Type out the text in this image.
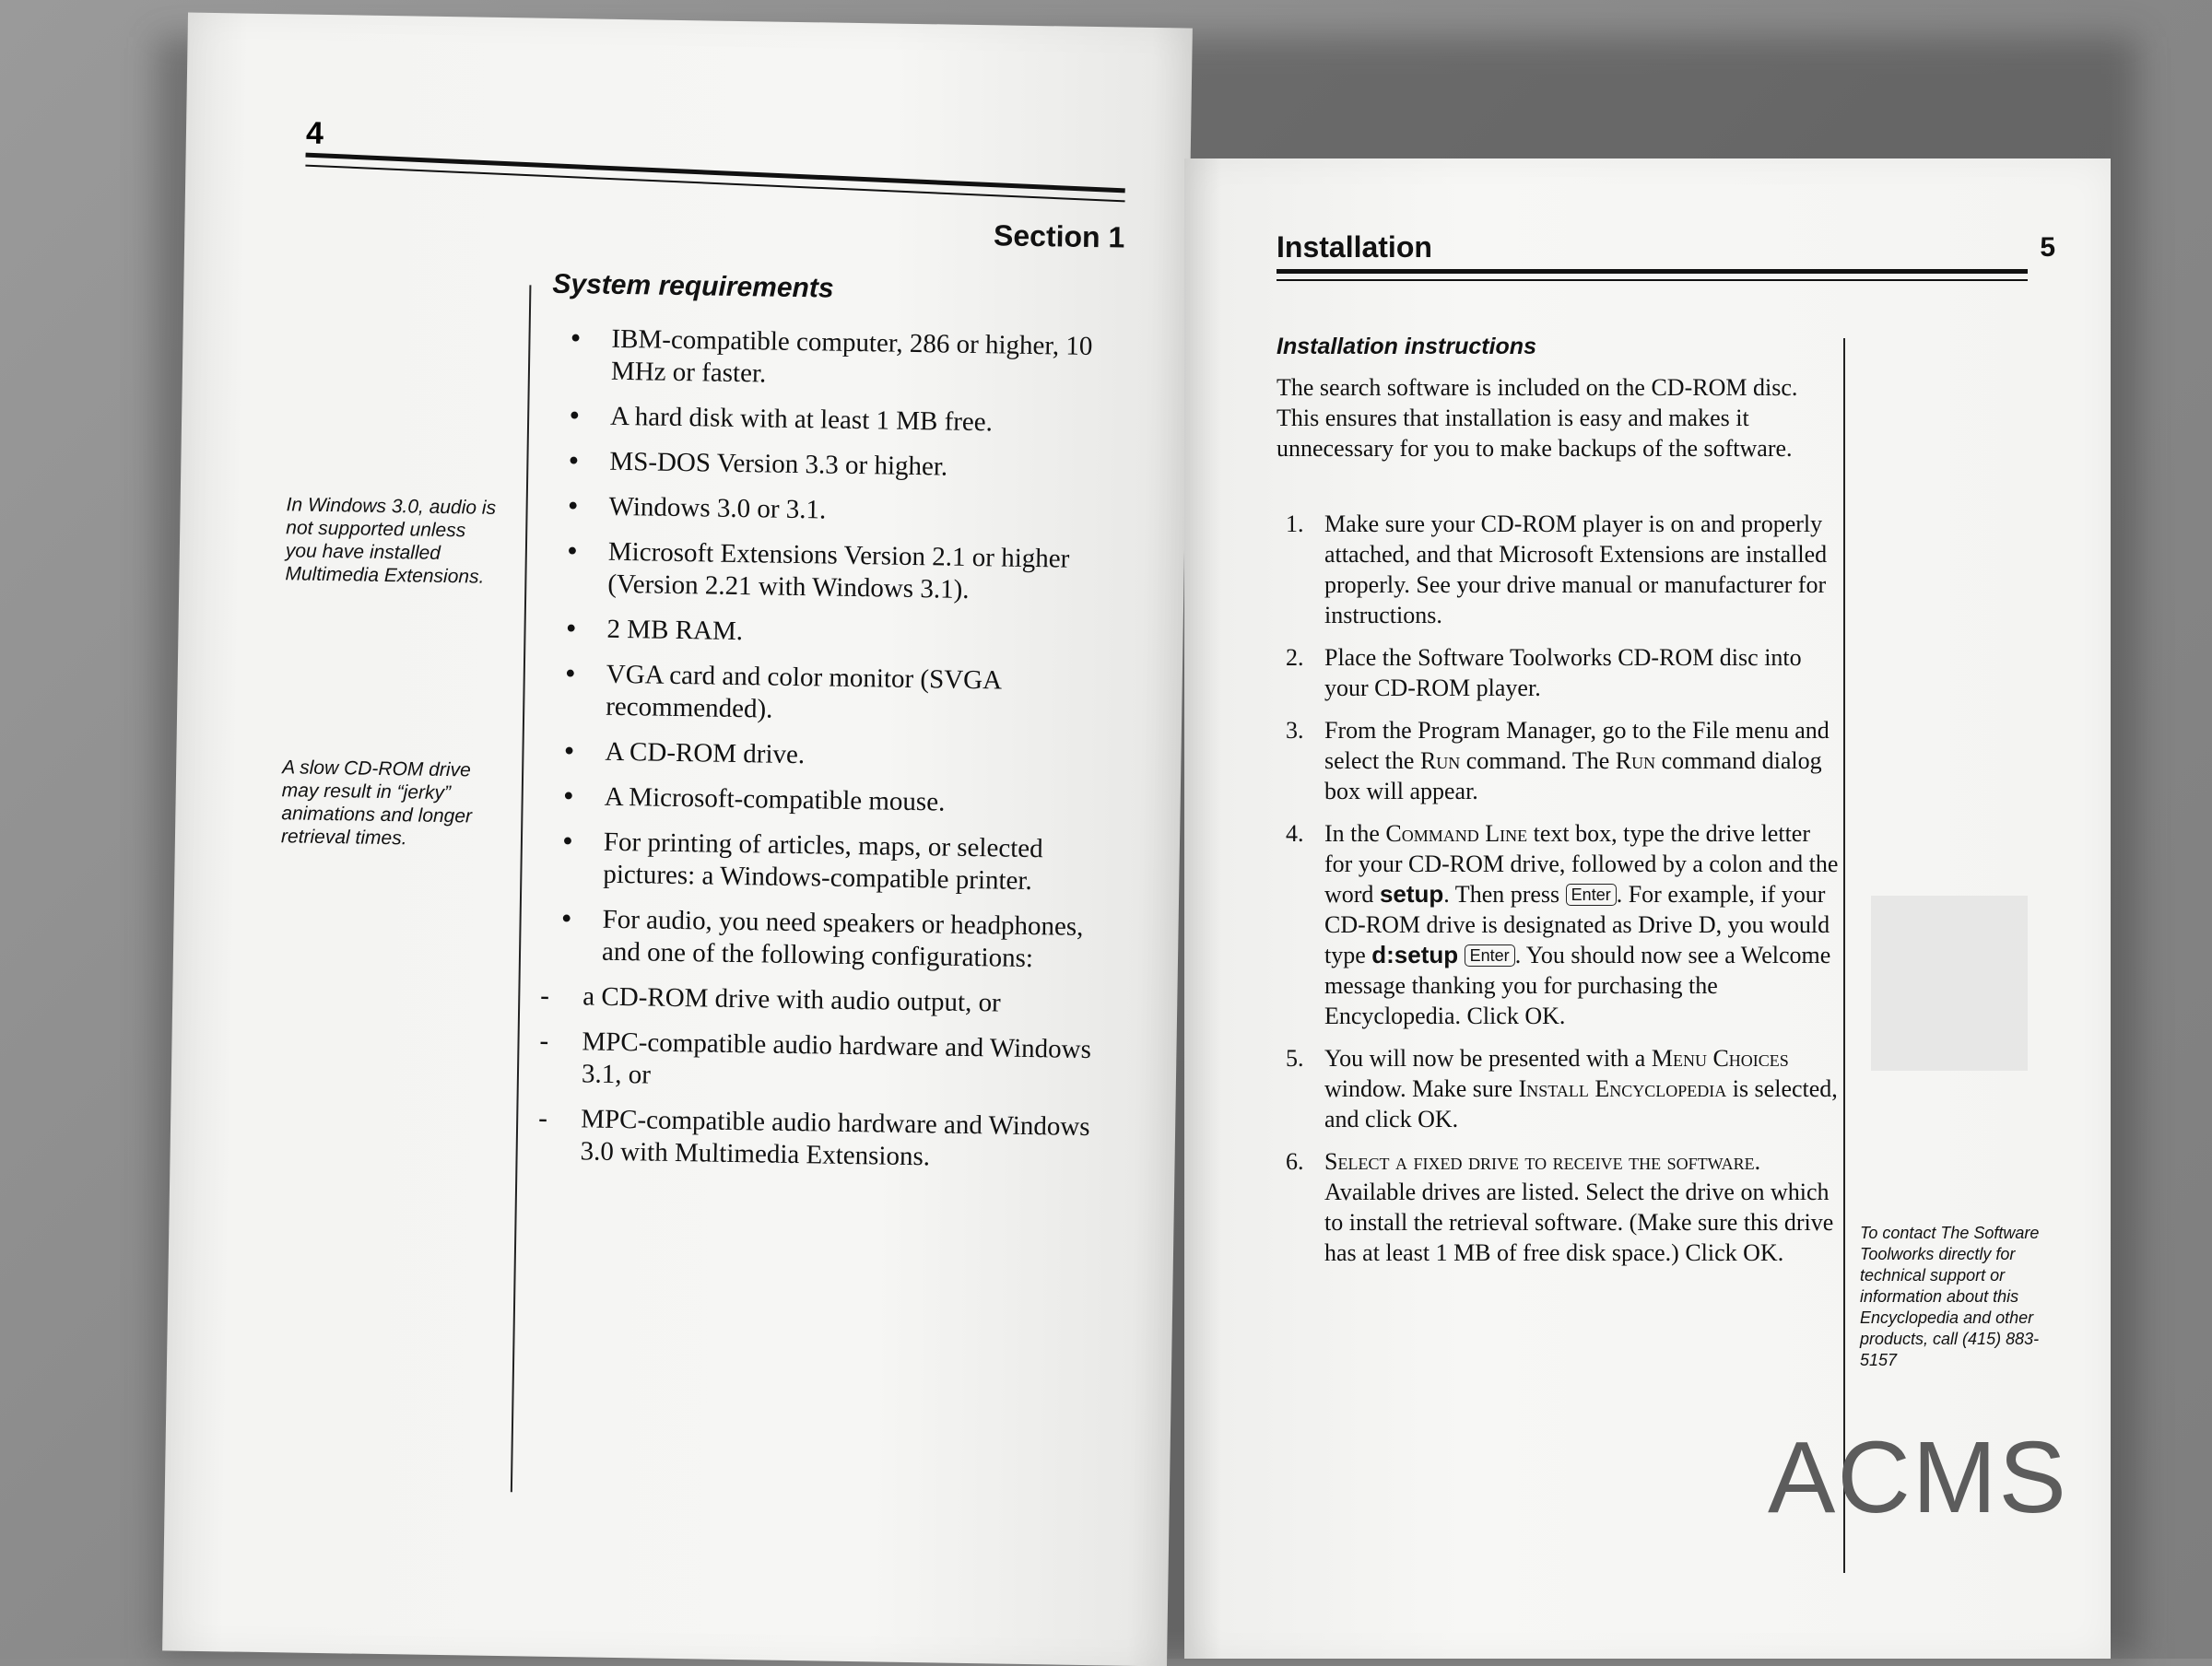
4
Section 1
System requirements
• IBM-compatible computer, 286 or higher, 10 MHz or faster.
• A hard disk with at least 1 MB free.
• MS-DOS Version 3.3 or higher.
• Windows 3.0 or 3.1.
• Microsoft Extensions Version 2.1 or higher (Version 2.21 with Windows 3.1).
• 2 MB RAM.
• VGA card and color monitor (SVGA recommended).
• A CD-ROM drive.
• A Microsoft-compatible mouse.
• For printing of articles, maps, or selected pictures: a Windows-compatible printer.
• For audio, you need speakers or headphones, and one of the following configurations:
- a CD-ROM drive with audio output, or
- MPC-compatible audio hardware and Windows 3.1, or
- MPC-compatible audio hardware and Windows 3.0 with Multimedia Extensions.
In Windows 3.0, audio is not supported unless you have installed Multimedia Extensions.
A slow CD-ROM drive may result in “jerky” animations and longer retrieval times.
Installation	5
Installation instructions

The search software is included on the CD-ROM disc. This ensures that installation is easy and makes it unnecessary for you to make backups of the software.

1. Make sure your CD-ROM player is on and properly attached, and that Microsoft Extensions are installed properly. See your drive manual or manufacturer for instructions.
2. Place the Software Toolworks CD-ROM disc into your CD-ROM player.
3. From the Program Manager, go to the File menu and select the Run command. The Run command dialog box will appear.
4. In the Command Line text box, type the drive letter for your CD-ROM drive, followed by a colon and the word setup. Then press Enter . For example, if your CD-ROM drive is designated as Drive D, you would type d:setup Enter . You should now see a Welcome message thanking you for purchasing the Encyclopedia. Click OK.
5. You will now be presented with a Menu Choices window. Make sure Install Encyclopedia is selected, and click OK.
6. Select a fixed drive to receive the software. Available drives are listed. Select the drive on which to install the retrieval software. (Make sure this drive has at least 1 MB of free disk space.) Click OK.
To contact The Software Toolworks directly for technical support or information about this Encyclopedia and other products, call (415) 883-5157
ACMS
